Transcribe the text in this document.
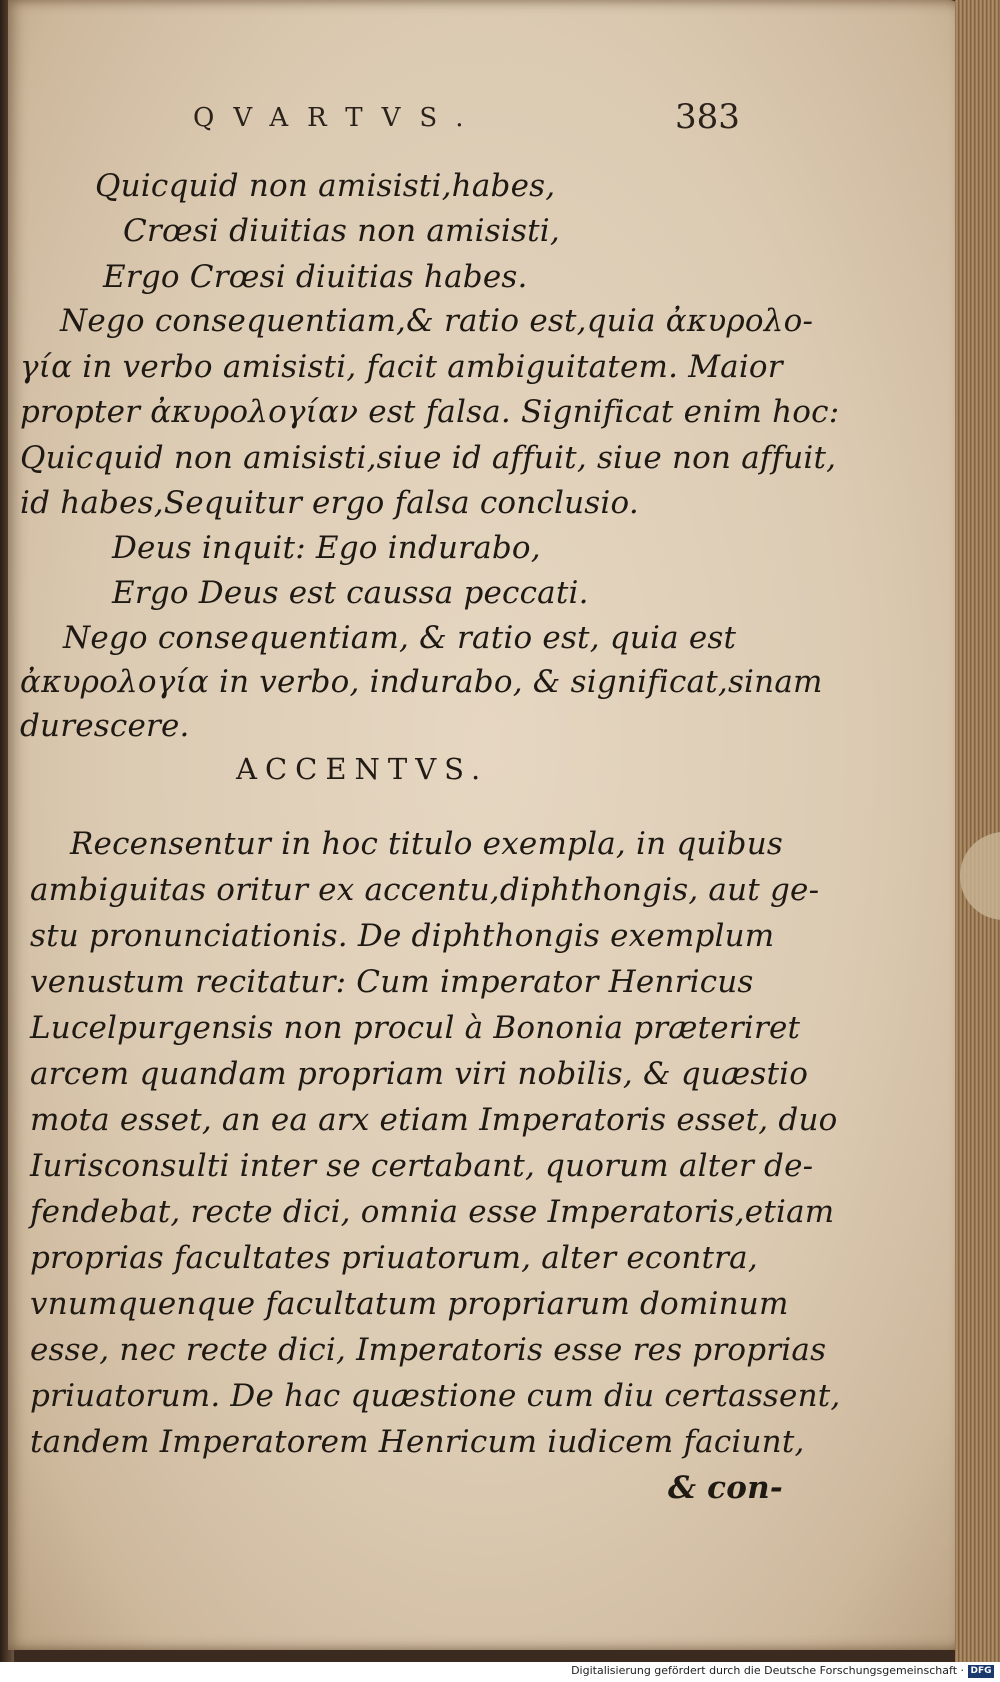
QVARTVS.	383
Quicquid non amisisti,habes,
Crœsi diuitias non amisisti,
Ergo Crœsi diuitias habes.
Nego consequentiam,& ratio est,quia ἀκυρολο-
γία in verbo amisisti, facit ambiguitatem. Maior
propter ἀκυρολογίαν est falsa. Significat enim hoc:
Quicquid non amisisti,siue id affuit, siue non affuit,
id habes,Sequitur ergo falsa conclusio.
Deus inquit: Ego indurabo,
Ergo Deus est caussa peccati.
Nego consequentiam, & ratio est, quia est
ἀκυρολογία in verbo, indurabo, & significat,sinam
durescere.
ACCENTVS.
Recensentur in hoc titulo exempla, in quibus
ambiguitas oritur ex accentu,diphthongis, aut ge-
stu pronunciationis. De diphthongis exemplum
venustum recitatur: Cum imperator Henricus
Lucelpurgensis non procul à Bononia præteriret
arcem quandam propriam viri nobilis, & quæstio
mota esset, an ea arx etiam Imperatoris esset, duo
Iurisconsulti inter se certabant, quorum alter de-
fendebat, recte dici, omnia esse Imperatoris,etiam
proprias facultates priuatorum, alter econtra,
vnumquenque facultatum propriarum dominum
esse, nec recte dici, Imperatoris esse res proprias
priuatorum. De hac quæstione cum diu certassent,
tandem Imperatorem Henricum iudicem faciunt,
& con-
Digitalisierung gefördert durch die Deutsche Forschungsgemeinschaft · DFG
